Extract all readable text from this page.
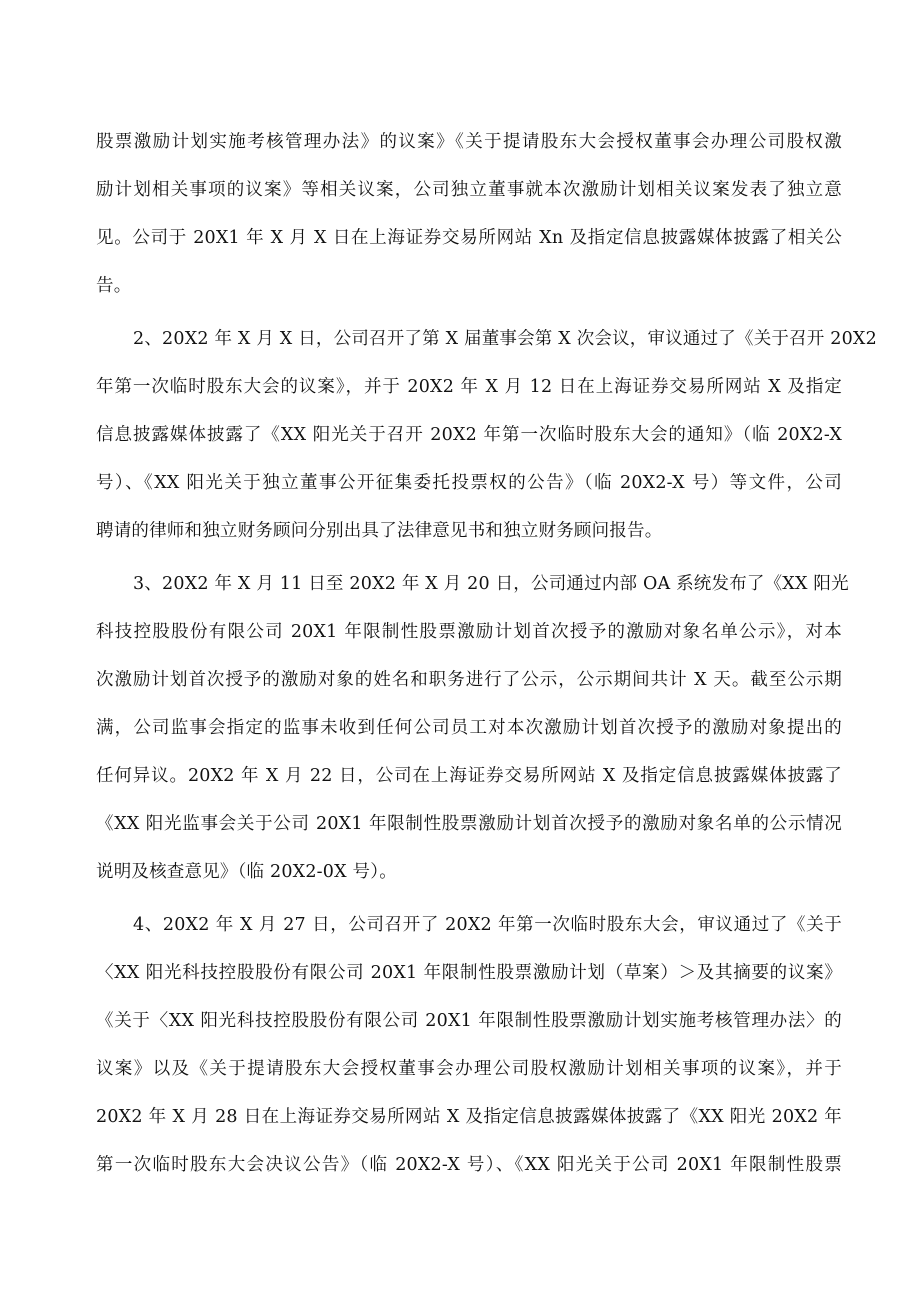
股票激励计划实施考核管理办法》的议案》《关于提请股东大会授权董事会办理公司股权激
励计划相关事项的议案》等相关议案，公司独立董事就本次激励计划相关议案发表了独立意
见。公司于 20X1 年 X 月 X 日在上海证券交易所网站 Xn 及指定信息披露媒体披露了相关公
告。
2、20X2 年 X 月 X 日，公司召开了第 X 届董事会第 X 次会议，审议通过了《关于召开 20X2
年第一次临时股东大会的议案》，并于 20X2 年 X 月 12 日在上海证券交易所网站 X 及指定
信息披露媒体披露了《XX 阳光关于召开 20X2 年第一次临时股东大会的通知》（临 20X2-X
号）、《XX 阳光关于独立董事公开征集委托投票权的公告》（临 20X2-X 号）等文件，公司
聘请的律师和独立财务顾问分别出具了法律意见书和独立财务顾问报告。
3、20X2 年 X 月 11 日至 20X2 年 X 月 20 日，公司通过内部 OA 系统发布了《XX 阳光
科技控股股份有限公司 20X1 年限制性股票激励计划首次授予的激励对象名单公示》，对本
次激励计划首次授予的激励对象的姓名和职务进行了公示，公示期间共计 X 天。截至公示期
满，公司监事会指定的监事未收到任何公司员工对本次激励计划首次授予的激励对象提出的
任何异议。20X2 年 X 月 22 日，公司在上海证券交易所网站 X 及指定信息披露媒体披露了
《XX 阳光监事会关于公司 20X1 年限制性股票激励计划首次授予的激励对象名单的公示情况
说明及核查意见》（临 20X2-0X 号）。
4、20X2 年 X 月 27 日，公司召开了 20X2 年第一次临时股东大会，审议通过了《关于
〈XX 阳光科技控股股份有限公司 20X1 年限制性股票激励计划（草案）＞及其摘要的议案》
《关于〈XX 阳光科技控股股份有限公司 20X1 年限制性股票激励计划实施考核管理办法〉的
议案》以及《关于提请股东大会授权董事会办理公司股权激励计划相关事项的议案》，并于
20X2 年 X 月 28 日在上海证券交易所网站 X 及指定信息披露媒体披露了《XX 阳光 20X2 年
第一次临时股东大会决议公告》（临 20X2-X 号）、《XX 阳光关于公司 20X1 年限制性股票
